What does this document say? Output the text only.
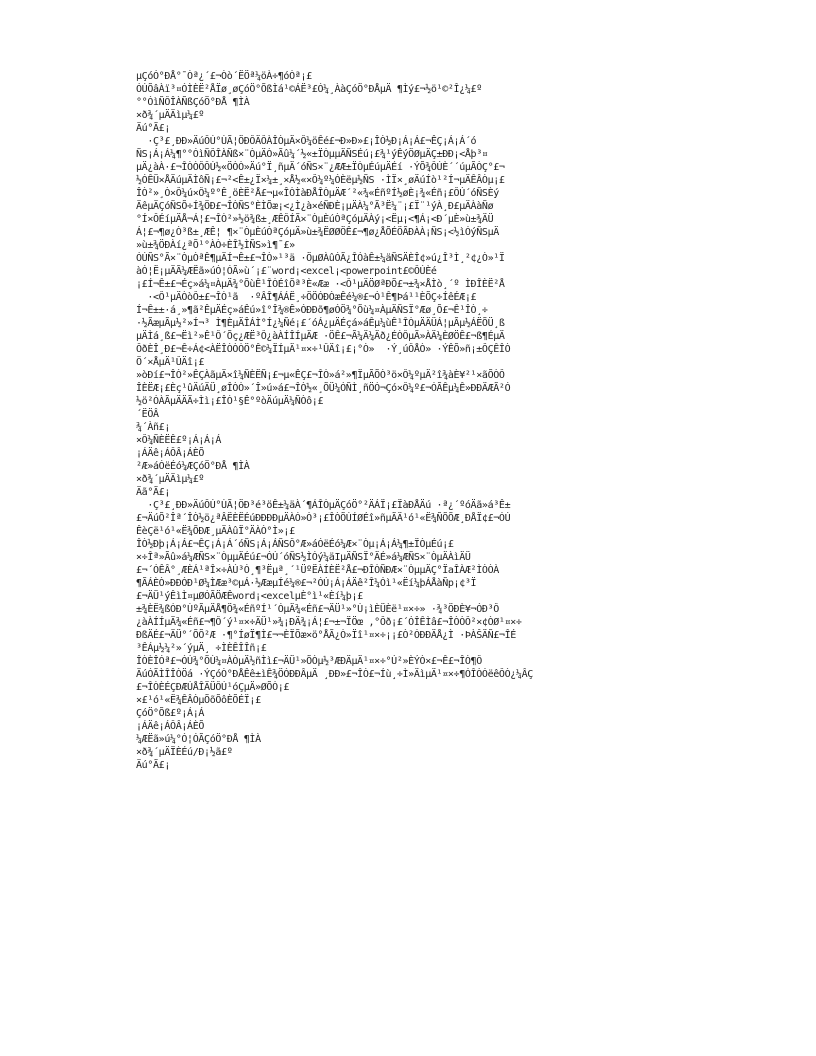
µÇóÓ°ÐÅ°¯Òª¿´£¬Òò´ËÖª¼öÀ÷¶óÒª¡£
ÓÚÕâÀï³¤ÓÌÈË²ÅÏø¸øÇóÖ°ÕßÌá¹©ÁË³£Ó¼¸ÀàÇóÖ°ÐÅµÄ ¶Ìý£¬½ö¹©²Î¿¼£º
°°ÓìÑÔÎÀÑßÇóÖ°ÐÅ ¶ÌÀ
×ð¾´µÄÄìµ¼£º
Äú°Ã£¡
·Ç³£¸ÐÐ»ÄúÔÚ°ÙÃ¦ÖÐÔÄÔÀÎÒµÄ×Ô¼öÊé£¬Ð»Ð»£¡ÎÒ½Ð¡Á¡Á£¬ÊÇ¡Á¡Á´ó
ÑS¡Á¡Á¼¶°°ÓìÑÔÎÀÑß×¨ÒµÄÒ»Ãû¼´½«±ÏÒµµÄÑSÉú¡£¾¹ýÊýÖØµÄÇ±ÐÐ¡<Åþ³¤
µÄ¿àÀ·£¬ÎÒÒÔÔÚ½«ÖÒÒ»Äú°Ï¸ñµÄ´óÑS×¨¿ÆÆ±ÏÒµÉúµÄÉí ·ÝÕ¾ÔÚÈ´´úµÃÒÇ°£¬
½ÓÊÜ×ÅÄúµÄÌôÑ¡£¬²<Ê±¿Ï×¼±¸×Å½«×Ô¼º¼ÓÈëµ½ÑS ·ÌÏ×¸øÄúÍò¹²Í¬µÄÊÂÒµ¡£
ÎÒ²»¸Ò×Ô¼ú×Ô¼º°Ê¸öÈË²Å£¬µ«ÎÒÌàÐÅÎÒµÄÆ´²«¾«ÉñºÍ½øÈ¡¾«Éñ¡£ÔÚ´óÑSÈý
ÄêµÄÇóÑSÕ÷Í¾ÖÐ£¬ÎÒÑS°ÈÌÕæ¡<¿Ì¿à×éÑÐÈ¡µÄÀ¼°Ã³Ë¼¨¡£Ï¨¹ýÀ¸Ð£µÄÀàÑø
°Í×ÔÉíµÄÅ¬Á¦£¬ÎÒ²»½ö¾ß±¸ÆÊÔÍÃ×¨ÒµÈúÒªÇóµÄÀý¡<Ëµ¡<¶Á¡<Ð´µÈ»ù±¾ÄÜ
Á¦£¬¶ø¿Ò³ß±¸ÆÊ¦ ¶×¨ÒµÈúÒªÇóµÄ»ù±¾ËØØÖÊ£¬¶ø¿ÅÕÉÖÃÐÀÀ¡ÑS¡<½ìÓýÑSµÄ
»ù±¾ÖÐÀí¿ªÕ¹°ÀÒ÷ÈÎ½ÌÑS»ì¶¯£»
ÓÚÑS°Ã×¨ÒµÒªÊ¶µÄÍ¬Ê±£¬ÎÒ»¹³ä ·ÖµØÀûÓÃ¿ÎÓàÊ±¼äÑSÄÈÎ¢»ú¿Î³Ì¸²¢¿Ò»¹Ï
àÓ¦Ë¡µÄÃ¼ÆËã»úÓ¦ÓÃ»ù´¡£¨word¡<excel¡<powerpoint£©ÔÚÈé
¡£Í¬Ê±£¬Éç»á¼¤ÀµÄ¾°ÕùÊ¹ÎÒÉîÕª³È«Ææ ·<Ô¹µÄÖØªÐÕ£¬±¾×ÅÌò¸´º ÌÐÎÈË²Å
·<Ô¹µÄÒòÔ±£¬ÎÒ¹ã  ·ºÂÎ¶ÁÁË¸÷ÖÖÓÐÒæÊé¼®£¬Ó¹Ê¶Þá¹¹ÈÕÇ÷ÍêÉÆ¡£
Í¬Ê±±·á¸»¶ã²ÊµÄÉç»áÊú»î°Î¾®Ê»ÓÐÐõ¶øÓÖ¾°Õù¼¤ÀµÄÑSÏ°Æø¸Õ£¬Ê¹ÎÒ¸÷
·½ÃæµÃµ½²»Í¬³ Ì¶ÈµÄÎÁÌ°Í¿¼Ñé¡£´óÁ¿µÄÉçá»áÊµ¼ùÊ¹ÎÒµÄÄÜÁ¦µÃµ½ÁËÕÜ¸ß
µÄÌá¸ß£¬Ëì²»Ê¹Ô´Õç¿ÆË³Ô¿àÀÍÎÍµÄÆ ·ÖÊ£¬Ã¼Ä¼Äð¿ÉÒÔµÃ»ÀÄ¼ÈØÖÊ£¬ß¶ÉµÄ
ÔðÈÎ¸Ð£¬Ê÷Á¢<ÀËÎÒÒÒÖ°Ê©¼ÏÍµÄ¹¤×÷¹ÛÄî¡£¡°Ò»  ·Ý¸úÔÅÒ» ·ÝÊÕ»ñ¡±ÔÇÊÎÒ
Ö´×ÅµÄ¹ÛÄî¡£
»òÐí£¬ÎÒ²»ÊÇÀãµÄ×î¼ÑÈËÑ¡£¬µ«ÊÇ£¬ÎÒ»á²»¶ÏµÃÕÒ³ö×Ô¼ºµÄ²î¾àÈ¥²¹×ãÕÒÔ
ÎÈËÆ¡£Èç¹ûÄúÄÜ¸øÎÒÒ»´Î»ú»á£¬ÎÒ½«¸ÕÜ¼ÓÑÌ¸ñÖÓ¬Çó×Ô¼º£¬ÓÃÊµ¼Ê»ÐÐÄÆÃ²Ó
½ö²ÓÀÃµÄÄÃ÷Ìì¡£ÎÒ¹§Ê°ºòÄúµÄ¼ÑÒô¡£
´ËÖÂ
¾´Àñ£¡
×Ô¼ÑÈËÊ£º¡Á¡Á¡Á
¡ÁÄê¡ÁÔÂ¡ÁÈÕ
²Æ»áÓëÉó¼ÆÇóÖ°ÐÅ ¶ÌÀ
×ð¾´µÄÄìµ¼£º
Äã°Ã£¡
·Ç³£¸ÐÐ»ÄúÔÚ°ÙÃ¦ÖÐ³é³öÊ±¼äÀ´¶ÁÎÒµÄÇóÖ°²ÄÁÏ¡£ÏàÐÅÄú ·ª¿´ºóÄã»á³Ê±
£¬ÄúÕ²Îª´ÎÒ½ö¿ªÂËÈËÉúÐÐÐÐµÄÀÓ»Ò³¡£ÎÒÕÚÍØÉî»ñµÃÄ¹ó¹«Ë¾ÑÕÕÆ¸ÐÅÏ¢£¬ÓÚ
ÊèÇë¹ó¹«Ë¾ÕÐÆ¸µÄÀûÏ°ÄÀÒ°Ì»¡£
ÎÒ½Ðþ¡Á¡Á£¬ÊÇ¡Á¡Á´óÑS¡Á¡ÁÑSÔ°Æ»áÓëÉó¼Æ×¨Òµ¡Á¡Á¼¶±ÏÒµÉú¡£
×÷Îª»Ãû»á¼ÆÑS×¨ÒµµÄÉú£¬ÓÚ´óÑS½ÌÓý¼äIµÄÑSÏ°ÄÉ»á¼ÆÑS×¨ÒµÄÀìÄÜ
£¬´ÓÊÂ°¸ÆÈÁ¹ªÎ×÷ÀÚ³Ó¸¶³Ëµª¸´¹ÜºËÀÍÈË²Å£¬ÐÎÒÑÐÆ×¨ÒµµÄÇ°ÏaÎÀÆ²ÌÒÒÀ
¶ÃÁÈÒ»ÐÐÓÐ¹Ø¼ÌÆæ³©µÁ·½ÆæµÍé¼®£¬²ÓÚ¡Á¡ÁÄê²Î¼Óì¹«Ëí¼þÁÅàÑp¡¢³Ï
£¬ÄÜ¹ýÊìÌ¤µØÓÃÖÆÊword¡<excelµÈ°ì¹«Èí¼þ¡£
±¾ÈË¾ßÓÐ°ÙºÃµÄÅ¶Ö¾«ÉñºÍ¹´ÓµÄ¾«Éñ£¬ÄÜ¹»°Ù¡ìÈÜÈë¹¤×÷» ·¾³ÖÐÈ¥¬ÓÐ³Ô
¿àÀÍÍµÄ¾«Éñ£¬¶Ô´ý¹¤×÷ÄÜ¹»¾¡ÐÄ¾¡Á¦£¬±¬ÏÖœ ,°Ôð¡£´ÓÎÊÌâ£¬ÎÒÒÔ²×¢ÒØ¹¤×÷
ÐßÄÉ£¬ÄÜ°´ÕÕ²Æ ·¶°ÍøÏ¶Ì£¬¬ÈÏÕæ×ö°ÅÃ¿Ò»Ïî¹¤×÷¡¡£Ò²ÓÐÐÄÅ¿Ì ·ÞÀŠÄÑ£¬ÎÉ
³ÊÁµ½¼²»´ýµÄ¸ ÷ÌÈÊÎÎñ¡£
ÎÒÈÎÓª£¬ÓÚ¾°ÕÙ¼¤ÀÒµÄ½ñÌì£¬ÄÜ¹»ÕÒµ½³ÆÐÄµÄ¹¤×÷°Ú²»ÈÝÒ×£¬Ê£¬ÎÒ¶Ô
ÄúÓÃÌÎÎÒÖá ·ÝÇóÒ°ÐÅÊê±ìÊ¾ÖÓÐÐÂµÄ ¸ÐÐ»£¬ÎÒ£¬Íù¸÷Ì»ÄìµÄ¹¤×÷¶ÓÎÒÓëêÔÒ¿¼ÂÇ
£¬ÎÒÈÉÇÐÆÚÅÎÄÜÔÚ¹óÇµÄ»ØÕÒ¡£
×£¹ó¹«Ë¾ÊÂÒµÕõÕôÈÕÉÏ¡£
ÇóÖ°Õß£º¡Á¡Á
¡ÁÄê¡ÁÔÂ¡ÁÈÕ
¼ÆËã»ú¼°Ó¦ÓÃÇóÖ°ÐÅ ¶ÌÀ
×ð¾´µÄÏÈÉú/Ð¡½ã£º
Äú°Ã£¡
